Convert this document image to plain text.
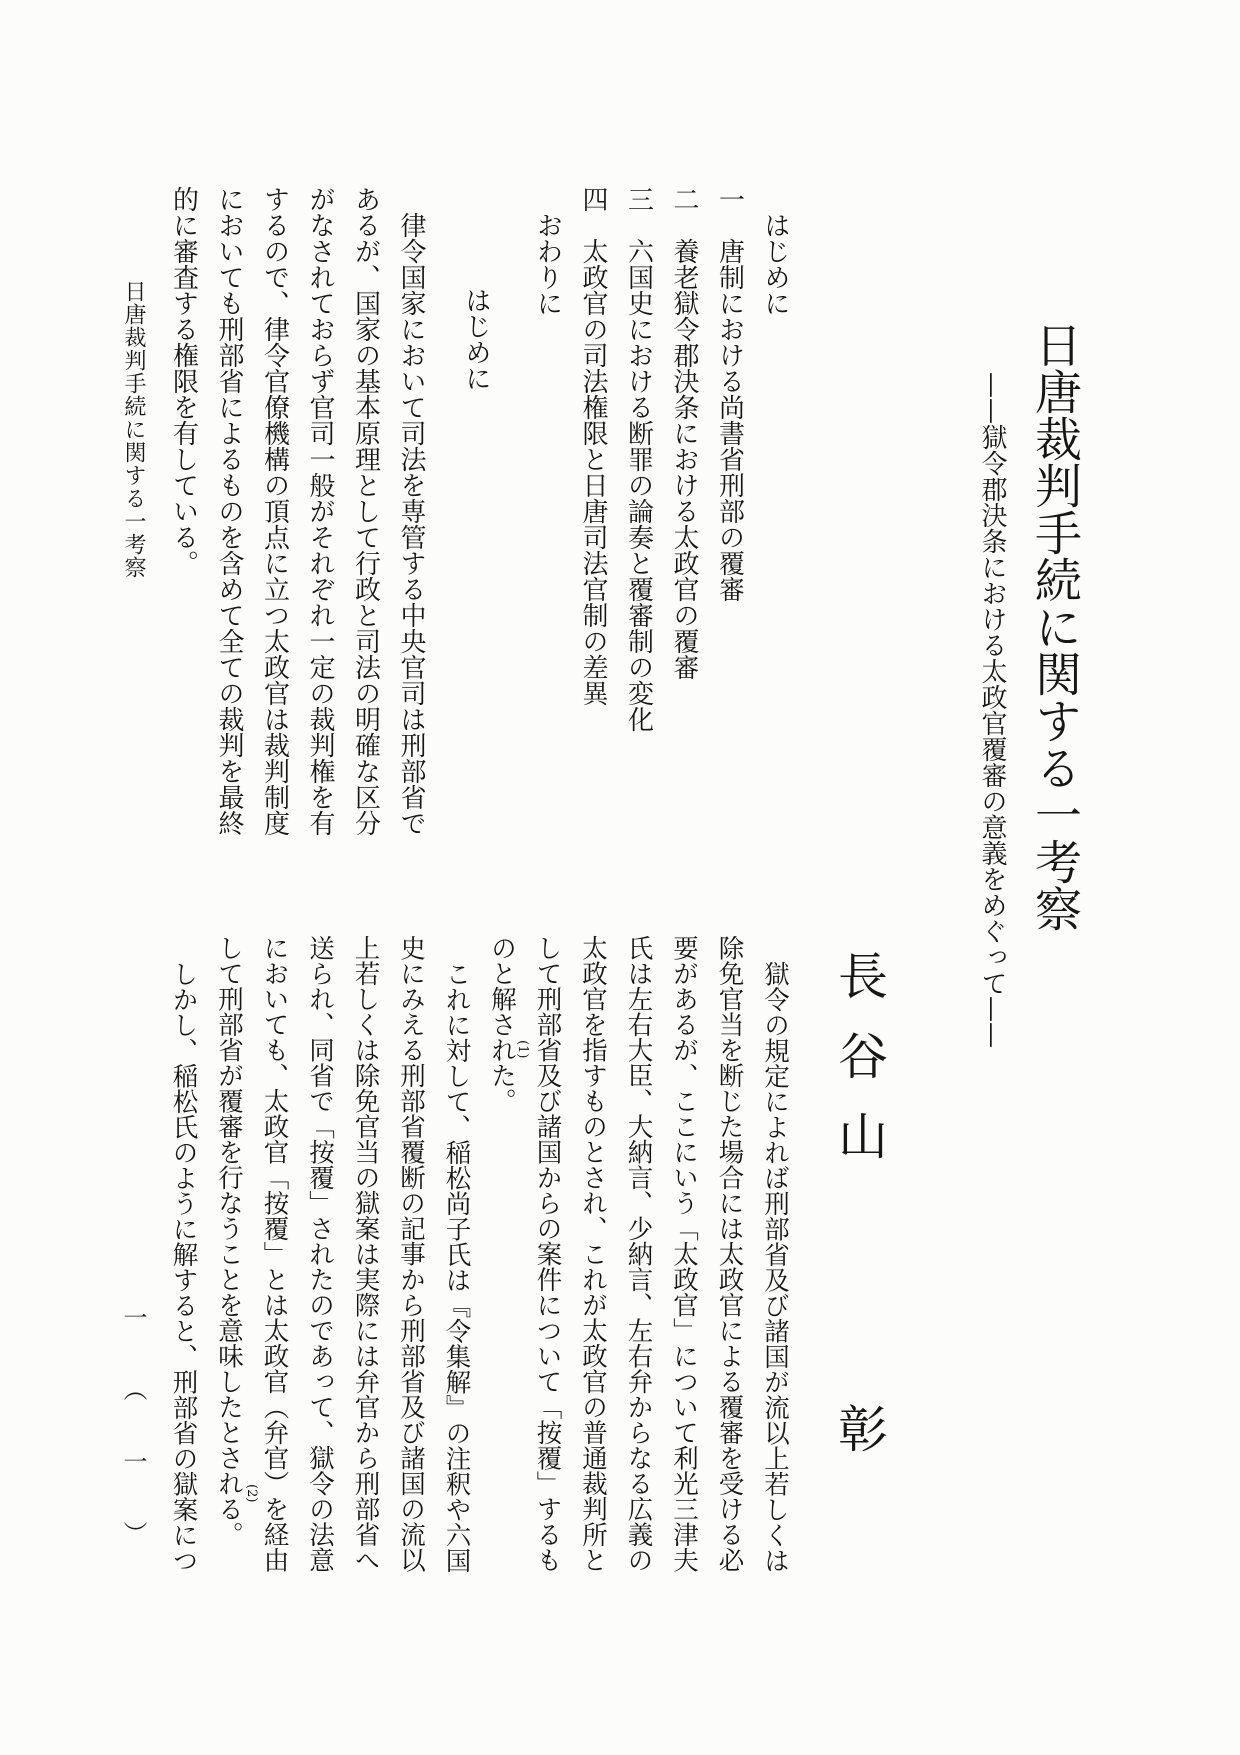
日唐裁判手続に関する一考察
——獄令郡決条における太政官覆審の意義をめぐって——
長谷山
彰
はじめに
一　唐制における尚書省刑部の覆審
二　養老獄令郡決条における太政官の覆審
三　六国史における断罪の論奏と覆審制の変化
四　太政官の司法権限と日唐司法官制の差異
おわりに
はじめに
律令国家において司法を専管する中央官司は刑部省で
あるが、国家の基本原理として行政と司法の明確な区分
がなされておらず官司一般がそれぞれ一定の裁判権を有
するので、律令官僚機構の頂点に立つ太政官は裁判制度
においても刑部省によるものを含めて全ての裁判を最終
的に審査する権限を有している。
獄令の規定によれば刑部省及び諸国が流以上若しくは
除免官当を断じた場合には太政官による覆審を受ける必
要があるが、ここにいう「太政官」について利光三津夫
氏は左右大臣、大納言、少納言、左右弁からなる広義の
太政官を指すものとされ、これが太政官の普通裁判所と
して刑部省及び諸国からの案件について「按覆」するも
のと解された。
これに対して、稲松尚子氏は『令集解』の注釈や六国
史にみえる刑部省覆断の記事から刑部省及び諸国の流以
上若しくは除免官当の獄案は実際には弁官から刑部省へ
送られ、同省で「按覆」されたのであって、獄令の法意
においても、太政官「按覆」とは太政官（弁官）を経由
して刑部省が覆審を行なうことを意味したとされる。
しかし、稲松氏のように解すると、刑部省の獄案につ	(1)
(2)
日唐裁判手続に関する一考察
一（一）
